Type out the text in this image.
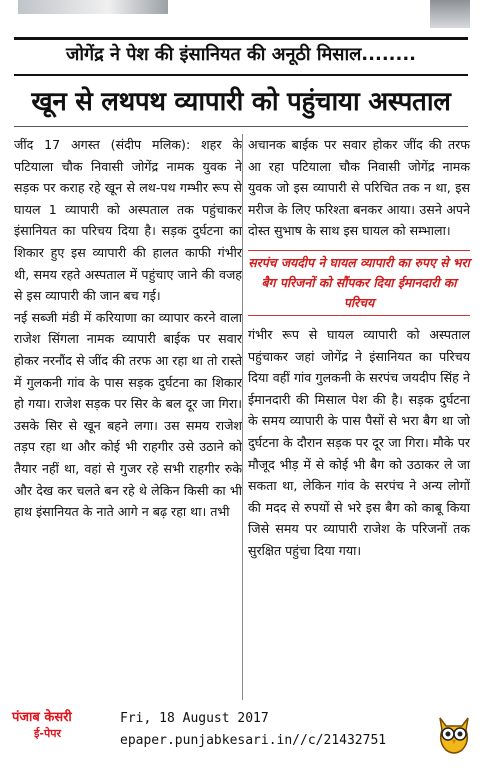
जोगेंद्र ने पेश की इंसानियत की अनूठी मिसाल........
खून से लथपथ व्यापारी को पहुंचाया अस्पताल

जींद 17 अगस्त (संदीप मलिक): शहर के पटियाला चौक निवासी जोगेंद्र नामक युवक ने सड़क पर कराह रहे खून से लथ-पथ गम्भीर रूप से घायल 1 व्यापारी को अस्पताल तक पहुंचाकर इंसानियत का परिचय दिया है। सड़क दुर्घटना का शिकार हुए इस व्यापारी की हालत काफी गंभीर थी, समय रहते अस्पताल में पहुंचाए जाने की वजह से इस व्यापारी की जान बच गई।

नई सब्जी मंडी में करियाणा का व्यापार करने वाला राजेश सिंगला नामक व्यापारी बाईक पर सवार होकर नरनौंद से जींद की तरफ आ रहा था तो रास्ते में गुलकनी गांव के पास सड़क दुर्घटना का शिकार हो गया। राजेश सड़क पर सिर के बल दूर जा गिरा। उसके सिर से खून बहने लगा। उस समय राजेश तड़प रहा था और कोई भी राहगीर उसे उठाने को तैयार नहीं था, वहां से गुजर रहे सभी राहगीर रुके और देख कर चलते बन रहे थे लेकिन किसी का भी हाथ इंसानियत के नाते आगे न बढ़ रहा था। तभी

अचानक बाईक पर सवार होकर जींद की तरफ आ रहा पटियाला चौक निवासी जोगेंद्र नामक युवक जो इस व्यापारी से परिचित तक न था, इस मरीज के लिए फरिश्ता बनकर आया। उसने अपने दोस्त सुभाष के साथ इस घायल को सम्भाला।

सरपंच जयदीप ने घायल व्यापारी का रुपए से भरा बैग परिजनों को सौंपकर दिया ईमानदारी का परिचय

गंभीर रूप से घायल व्यापारी को अस्पताल पहुंचाकर जहां जोगेंद्र ने इंसानियत का परिचय दिया वहीं गांव गुलकनी के सरपंच जयदीप सिंह ने ईमानदारी की मिसाल पेश की है। सड़क दुर्घटना के समय व्यापारी के पास पैसों से भरा बैग था जो दुर्घटना के दौरान सड़क पर दूर जा गिरा। मौके पर मौजूद भीड़ में से कोई भी बैग को उठाकर ले जा सकता था, लेकिन गांव के सरपंच ने अन्य लोगों की मदद से रुपयों से भरे इस बैग को काबू किया जिसे समय पर व्यापारी राजेश के परिजनों तक सुरक्षित पहुंचा दिया गया।

पंजाब केसरी
ई-पेपर
Fri, 18 August 2017
epaper.punjabkesari.in//c/21432751
